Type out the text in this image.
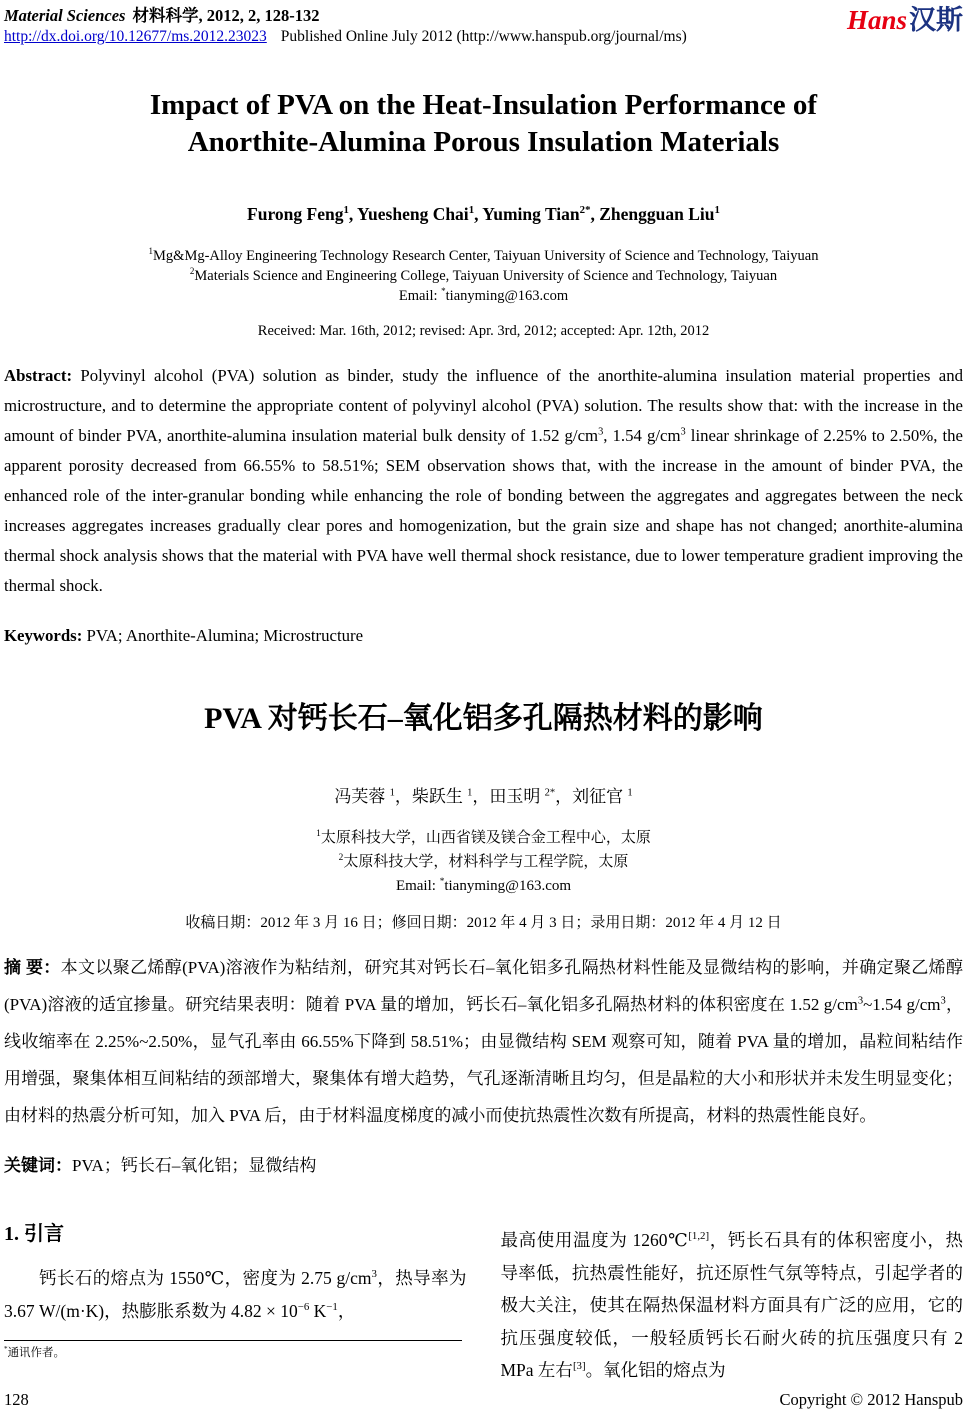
Material Sciences 材料科学, 2012, 2, 128-132
http://dx.doi.org/10.12677/ms.2012.23023 Published Online July 2012 (http://www.hanspub.org/journal/ms)
Hans汉斯
Impact of PVA on the Heat-Insulation Performance of
Anorthite-Alumina Porous Insulation Materials
Furong Feng$^1$, Yuesheng Chai$^1$, Yuming Tian$^{2*}$, Zhengguan Liu$^1$
$^1$Mg&Mg-Alloy Engineering Technology Research Center, Taiyuan University of Science and Technology, Taiyuan
$^2$Materials Science and Engineering College, Taiyuan University of Science and Technology, Taiyuan
Email: *tianyming@163.com
Received: Mar. 16th, 2012; revised: Apr. 3rd, 2012; accepted: Apr. 12th, 2012

Abstract: Polyvinyl alcohol (PVA) solution as binder, study the influence of the anorthite-alumina insulation material properties and microstructure, and to determine the appropriate content of polyvinyl alcohol (PVA) solution. The results show that: with the increase in the amount of binder PVA, anorthite-alumina insulation material bulk density of 1.52 $g/cm^3$, 1.54 $g/cm^3$ linear shrinkage of 2.25% to 2.50%, the apparent porosity decreased from 66.55% to 58.51%; SEM observation shows that, with the increase in the amount of binder PVA, the enhanced role of the inter-granular bonding while enhancing the role of bonding between the aggregates and aggregates between the neck increases aggregates increases gradually clear pores and homogenization, but the grain size and shape has not changed; anorthite-alumina thermal shock analysis shows that the material with PVA have well thermal shock resistance, due to lower temperature gradient improving the thermal shock.

Keywords: PVA; Anorthite-Alumina; Microstructure

PVA 对钙长石–氧化铝多孔隔热材料的影响
冯芙蓉 $^1$，柴跃生 $^1$，田玉明 $^{2*}$，刘征官 $^1$
$^1$太原科技大学，山西省镁及镁合金工程中心，太原
$^2$太原科技大学，材料科学与工程学院，太原
Email: *tianyming@163.com
收稿日期：2012 年 3 月 16 日；修回日期：2012 年 4 月 3 日；录用日期：2012 年 4 月 12 日

摘 要：本文以聚乙烯醇(PVA)溶液作为粘结剂，研究其对钙长石–氧化铝多孔隔热材料性能及显微结构的影响，并确定聚乙烯醇(PVA)溶液的适宜掺量。研究结果表明：随着 PVA 量的增加，钙长石–氧化铝多孔隔热材料的体积密度在 1.52 $g/cm^3\sim 1.54$ $g/cm^3$，线收缩率在 2.25%~2.50%，显气孔率由 66.55%下降到 58.51%；由显微结构 SEM 观察可知，随着 PVA 量的增加，晶粒间粘结作用增强，聚集体相互间粘结的颈部增大，聚集体有增大趋势，气孔逐渐清晰且均匀，但是晶粒的大小和形状并未发生明显变化；由材料的热震分析可知，加入 PVA 后，由于材料温度梯度的减小而使抗热震性次数有所提高，材料的热震性能良好。

关键词：PVA；钙长石–氧化铝；显微结构

1. 引言

钙长石的熔点为 1550℃，密度为 2.75 $g/cm^3$，热导率为 3.67 W/(m·K)，热膨胀系数为 $4.82 \times 10^{-6}$ $K^{-1}$，

*通讯作者。

最高使用温度为 1260℃[1,2]，钙长石具有的体积密度小，热导率低，抗热震性能好，抗还原性气氛等特点，引起学者的极大关注，使其在隔热保温材料方面具有广泛的应用，它的抗压强度较低，一般轻质钙长石耐火砖的抗压强度只有 2 MPa 左右[3]。氧化铝的熔点为

128	Copyright © 2012 Hanspub
